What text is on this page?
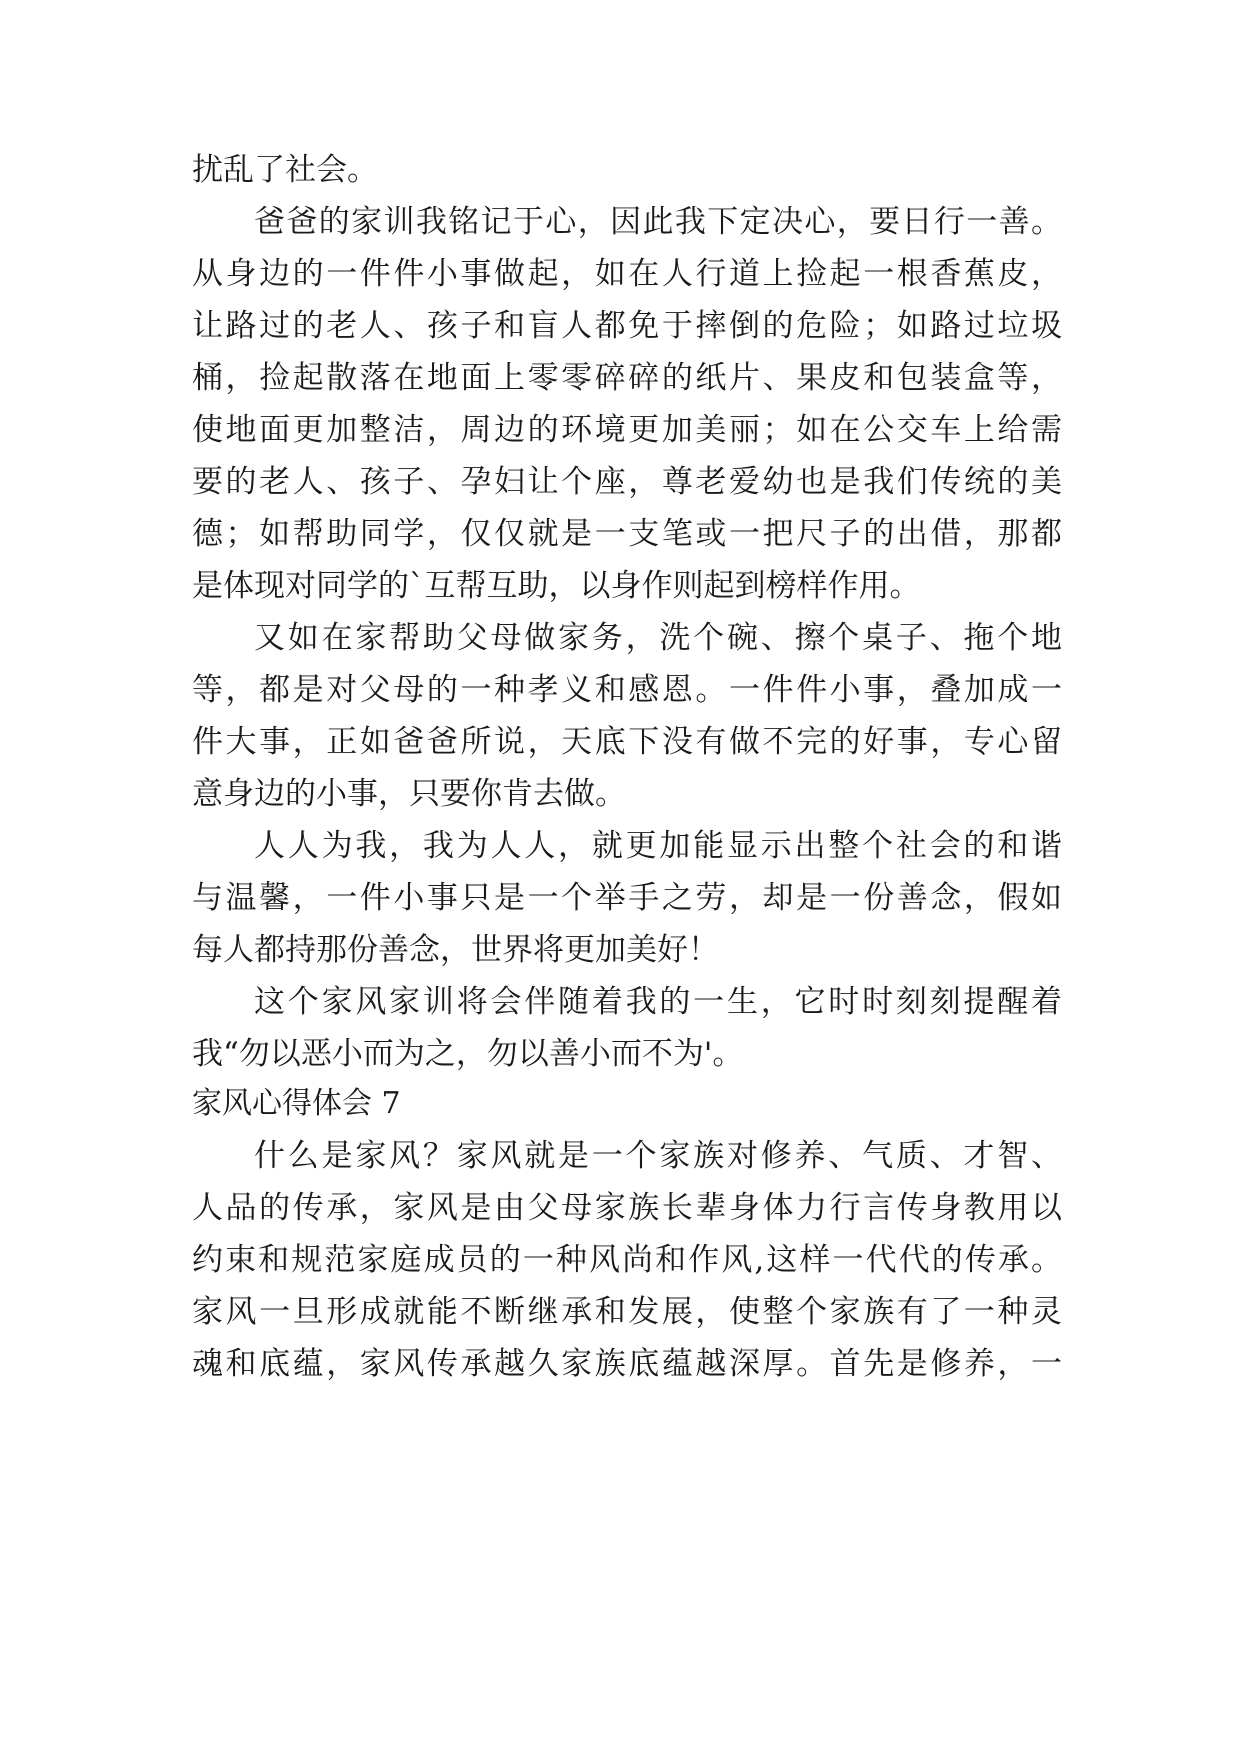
扰乱了社会。
爸爸的家训我铭记于心，因此我下定决心，要日行一善。
从身边的一件件小事做起，如在人行道上捡起一根香蕉皮，
让路过的老人、孩子和盲人都免于摔倒的危险；如路过垃圾
桶，捡起散落在地面上零零碎碎的纸片、果皮和包装盒等，
使地面更加整洁，周边的环境更加美丽；如在公交车上给需
要的老人、孩子、孕妇让个座，尊老爱幼也是我们传统的美
德；如帮助同学，仅仅就是一支笔或一把尺子的出借，那都
是体现对同学的`互帮互助，以身作则起到榜样作用。
又如在家帮助父母做家务，洗个碗、擦个桌子、拖个地
等，都是对父母的一种孝义和感恩。一件件小事，叠加成一
件大事，正如爸爸所说，天底下没有做不完的好事，专心留
意身边的小事，只要你肯去做。
人人为我，我为人人，就更加能显示出整个社会的和谐
与温馨，一件小事只是一个举手之劳，却是一份善念，假如
每人都持那份善念，世界将更加美好！
这个家风家训将会伴随着我的一生，它时时刻刻提醒着
我“勿以恶小而为之，勿以善小而不为'。
家风心得体会 7
什么是家风？家风就是一个家族对修养、气质、才智、
人品的传承，家风是由父母家族长辈身体力行言传身教用以
约束和规范家庭成员的一种风尚和作风,这样一代代的传承。
家风一旦形成就能不断继承和发展，使整个家族有了一种灵
魂和底蕴，家风传承越久家族底蕴越深厚。首先是修养，一
